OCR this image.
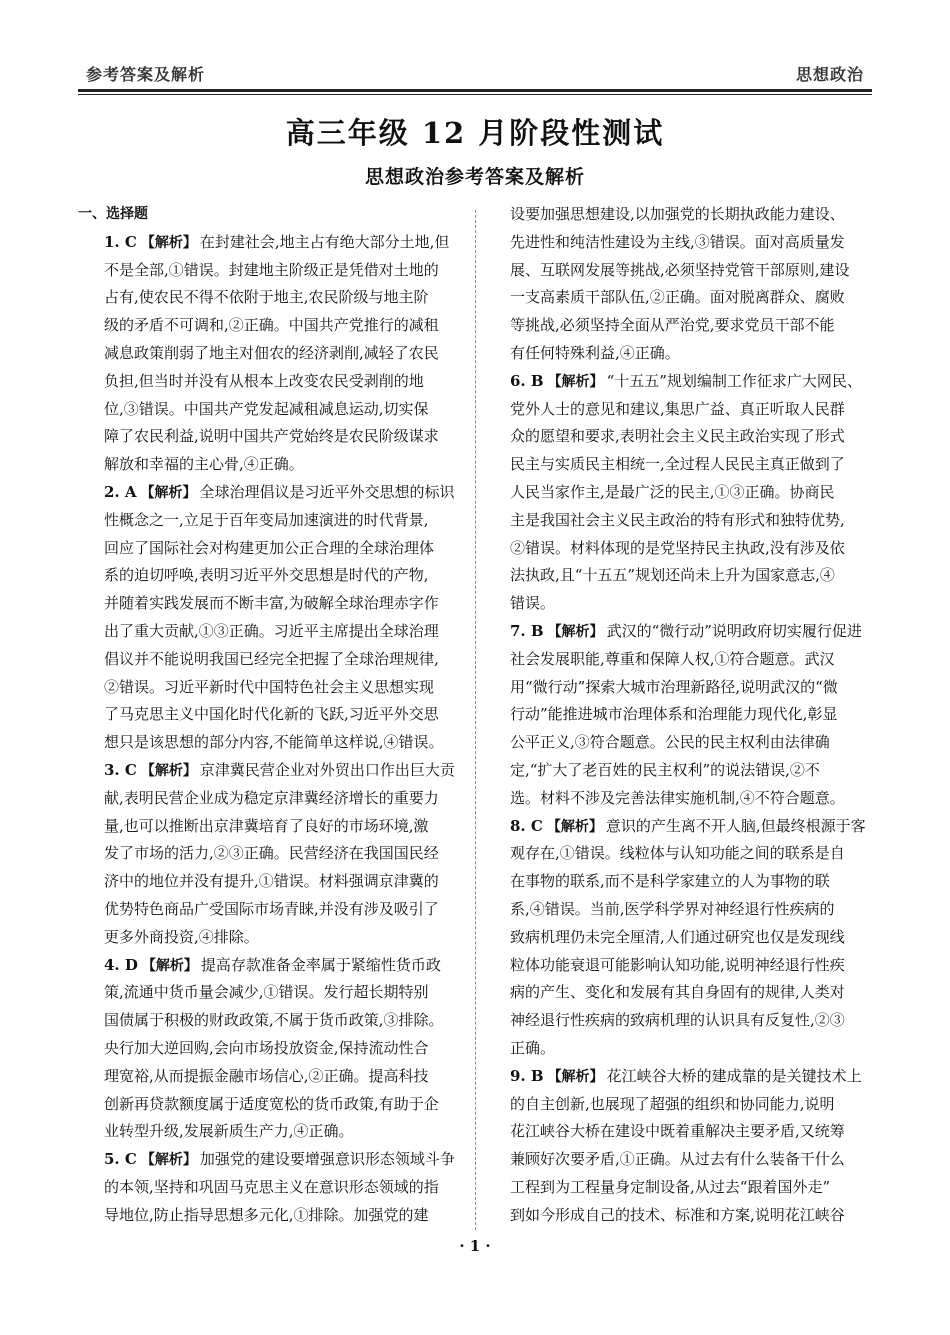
参考答案及解析	思想政治
高三年级 12 月阶段性测试
思想政治参考答案及解析
一、选择题
1. C 【解析】 在封建社会,地主占有绝大部分土地,但
不是全部,①错误。封建地主阶级正是凭借对土地的
占有,使农民不得不依附于地主,农民阶级与地主阶
级的矛盾不可调和,②正确。中国共产党推行的减租
减息政策削弱了地主对佃农的经济剥削,减轻了农民
负担,但当时并没有从根本上改变农民受剥削的地
位,③错误。中国共产党发起减租减息运动,切实保
障了农民利益,说明中国共产党始终是农民阶级谋求
解放和幸福的主心骨,④正确。
2. A 【解析】 全球治理倡议是习近平外交思想的标识
性概念之一,立足于百年变局加速演进的时代背景,
回应了国际社会对构建更加公正合理的全球治理体
系的迫切呼唤,表明习近平外交思想是时代的产物,
并随着实践发展而不断丰富,为破解全球治理赤字作
出了重大贡献,①③正确。习近平主席提出全球治理
倡议并不能说明我国已经完全把握了全球治理规律,
②错误。习近平新时代中国特色社会主义思想实现
了马克思主义中国化时代化新的飞跃,习近平外交思
想只是该思想的部分内容,不能简单这样说,④错误。
3. C 【解析】 京津冀民营企业对外贸出口作出巨大贡
献,表明民营企业成为稳定京津冀经济增长的重要力
量,也可以推断出京津冀培育了良好的市场环境,激
发了市场的活力,②③正确。民营经济在我国国民经
济中的地位并没有提升,①错误。材料强调京津冀的
优势特色商品广受国际市场青睐,并没有涉及吸引了
更多外商投资,④排除。
4. D 【解析】 提高存款准备金率属于紧缩性货币政
策,流通中货币量会减少,①错误。发行超长期特别
国债属于积极的财政政策,不属于货币政策,③排除。
央行加大逆回购,会向市场投放资金,保持流动性合
理宽裕,从而提振金融市场信心,②正确。提高科技
创新再贷款额度属于适度宽松的货币政策,有助于企
业转型升级,发展新质生产力,④正确。
5. C 【解析】 加强党的建设要增强意识形态领域斗争
的本领,坚持和巩固马克思主义在意识形态领域的指
导地位,防止指导思想多元化,①排除。加强党的建
设要加强思想建设,以加强党的长期执政能力建设、
先进性和纯洁性建设为主线,③错误。面对高质量发
展、互联网发展等挑战,必须坚持党管干部原则,建设
一支高素质干部队伍,②正确。面对脱离群众、腐败
等挑战,必须坚持全面从严治党,要求党员干部不能
有任何特殊利益,④正确。
6. B 【解析】 “十五五”规划编制工作征求广大网民、
党外人士的意见和建议,集思广益、真正听取人民群
众的愿望和要求,表明社会主义民主政治实现了形式
民主与实质民主相统一,全过程人民民主真正做到了
人民当家作主,是最广泛的民主,①③正确。协商民
主是我国社会主义民主政治的特有形式和独特优势,
②错误。材料体现的是党坚持民主执政,没有涉及依
法执政,且“十五五”规划还尚未上升为国家意志,④
错误。
7. B 【解析】 武汉的“微行动”说明政府切实履行促进
社会发展职能,尊重和保障人权,①符合题意。武汉
用“微行动”探索大城市治理新路径,说明武汉的“微
行动”能推进城市治理体系和治理能力现代化,彰显
公平正义,③符合题意。公民的民主权利由法律确
定,“扩大了老百姓的民主权利”的说法错误,②不
选。材料不涉及完善法律实施机制,④不符合题意。
8. C 【解析】 意识的产生离不开人脑,但最终根源于客
观存在,①错误。线粒体与认知功能之间的联系是自
在事物的联系,而不是科学家建立的人为事物的联
系,④错误。当前,医学科学界对神经退行性疾病的
致病机理仍未完全厘清,人们通过研究也仅是发现线
粒体功能衰退可能影响认知功能,说明神经退行性疾
病的产生、变化和发展有其自身固有的规律,人类对
神经退行性疾病的致病机理的认识具有反复性,②③
正确。
9. B 【解析】 花江峡谷大桥的建成靠的是关键技术上
的自主创新,也展现了超强的组织和协同能力,说明
花江峡谷大桥在建设中既着重解决主要矛盾,又统筹
兼顾好次要矛盾,①正确。从过去有什么装备干什么
工程到为工程量身定制设备,从过去“跟着国外走”
到如今形成自己的技术、标准和方案,说明花江峡谷
· 1 ·
